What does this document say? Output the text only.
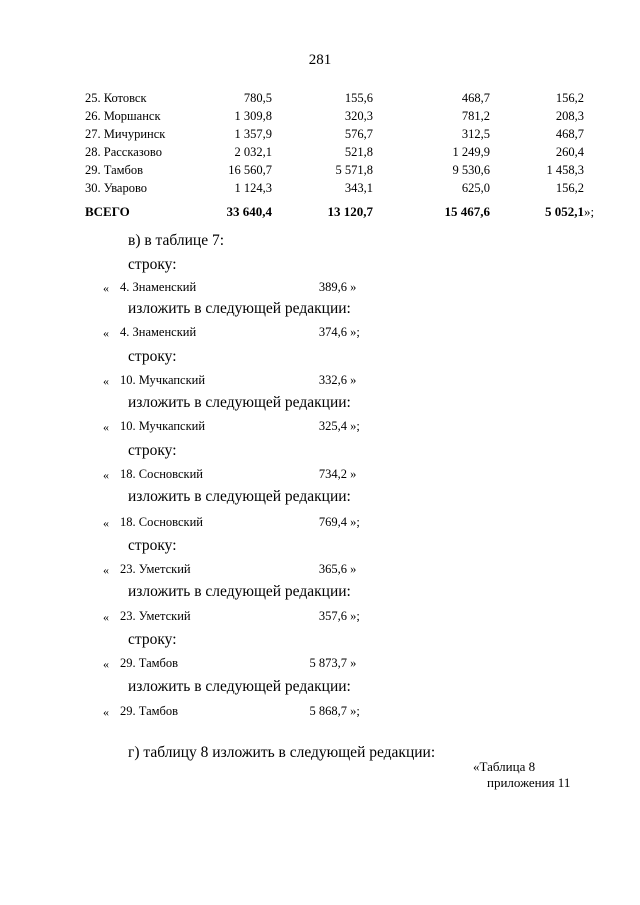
281
25. Котовск	780,5	155,6	468,7	156,2
26. Моршанск	1 309,8	320,3	781,2	208,3
27. Мичуринск	1 357,9	576,7	312,5	468,7
28. Рассказово	2 032,1	521,8	1 249,9	260,4
29. Тамбов	16 560,7	5 571,8	9 530,6	1 458,3
30. Уварово	1 124,3	343,1	625,0	156,2
ВСЕГО	33 640,4	13 120,7	15 467,6	5 052,1 »;
в) в таблице 7:
строку:
« 4. Знаменский	389,6 »
изложить в следующей редакции:
« 4. Знаменский	374,6 »;
строку:
« 10. Мучкапский	332,6 »
изложить в следующей редакции:
« 10. Мучкапский	325,4 »;
строку:
« 18. Сосновский	734,2 »
изложить в следующей редакции:
« 18. Сосновский	769,4 »;
строку:
« 23. Уметский	365,6 »
изложить в следующей редакции:
« 23. Уметский	357,6 »;
строку:
« 29. Тамбов	5 873,7 »
изложить в следующей редакции:
« 29. Тамбов	5 868,7 »;
г) таблицу 8 изложить в следующей редакции:
«Таблица 8
приложения 11
